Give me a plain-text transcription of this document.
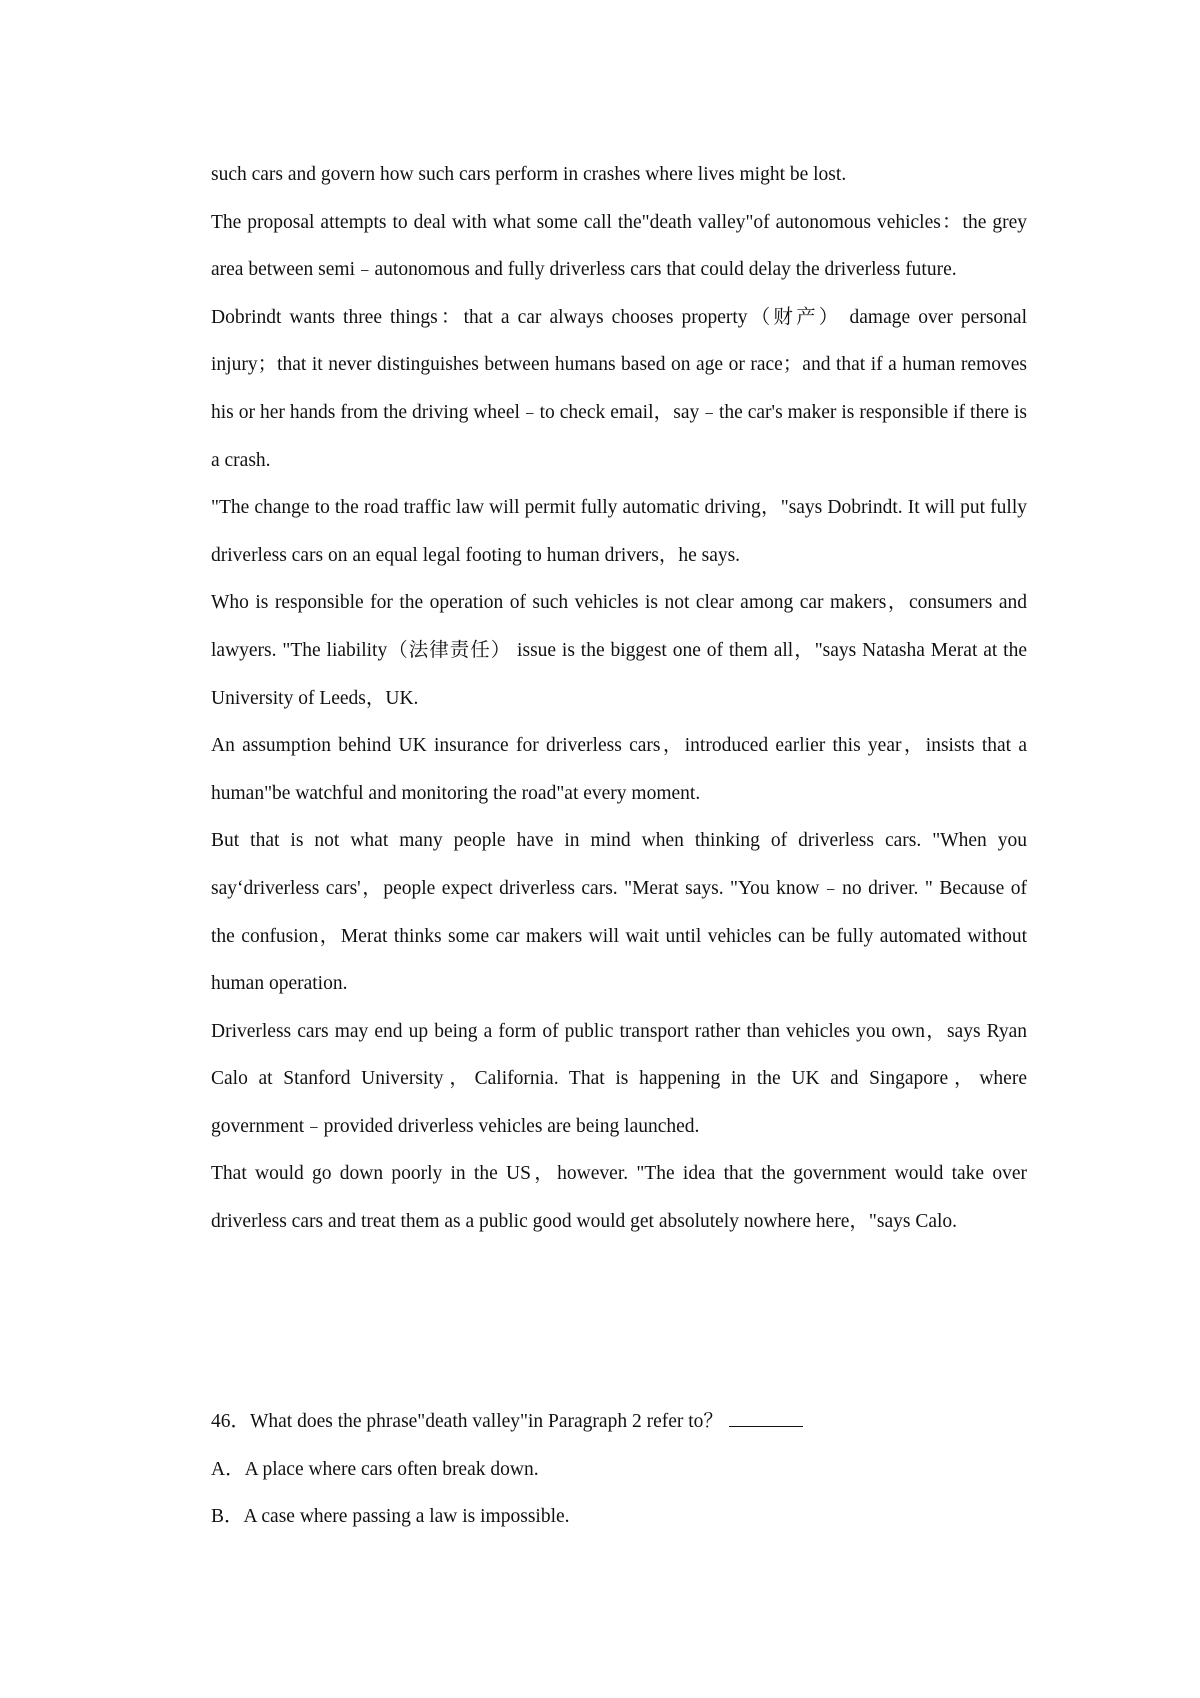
such cars and govern how such cars perform in crashes where lives might be lost.

The proposal attempts to deal with what some call the"death valley"of autonomous vehicles：the grey area between semi﹣autonomous and fully driverless cars that could delay the driverless future.

Dobrindt wants three things：that a car always chooses property（财产） damage over personal injury；that it never distinguishes between humans based on age or race；and that if a human removes his or her hands from the driving wheel﹣to check email，say﹣the car's maker is responsible if there is a crash.

"The change to the road traffic law will permit fully automatic driving，"says Dobrindt. It will put fully driverless cars on an equal legal footing to human drivers，he says.

Who is responsible for the operation of such vehicles is not clear among car makers，consumers and lawyers. "The liability（法律责任） issue is the biggest one of them all，"says Natasha Merat at the University of Leeds，UK.

An assumption behind UK insurance for driverless cars，introduced earlier this year，insists that a human"be watchful and monitoring the road"at every moment.

But that is not what many people have in mind when thinking of driverless cars. "When you say‘driverless cars'，people expect driverless cars. "Merat says. "You know﹣no driver. " Because of the confusion，Merat thinks some car makers will wait until vehicles can be fully automated without human operation.

Driverless cars may end up being a form of public transport rather than vehicles you own，says Ryan Calo at Stanford University，California. That is happening in the UK and Singapore，where government﹣provided driverless vehicles are being launched.

That would go down poorly in the US，however. "The idea that the government would take over driverless cars and treat them as a public good would get absolutely nowhere here，"says Calo.

46．What does the phrase"death valley"in Paragraph 2 refer to？

A．A place where cars often break down.

B．A case where passing a law is impossible.
